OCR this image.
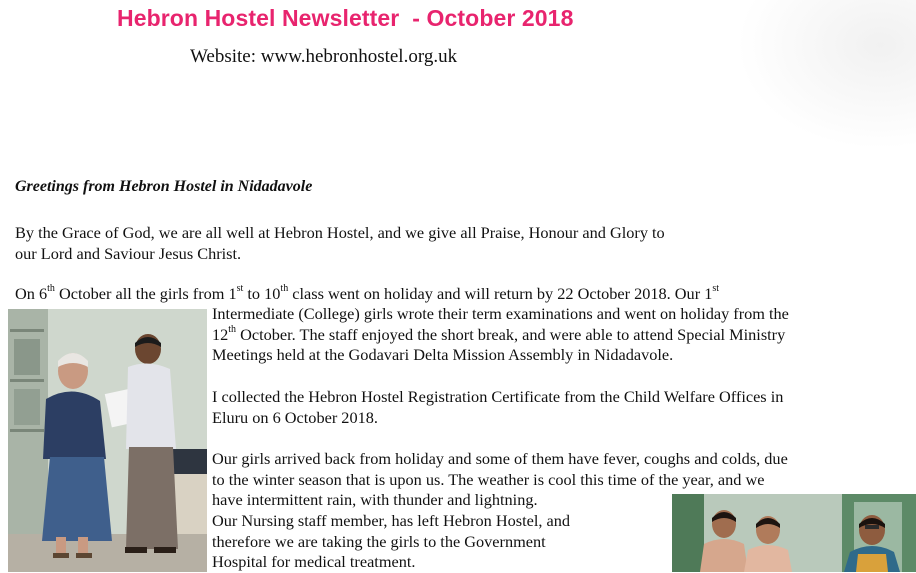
Hebron Hostel Newsletter  - October 2018
Website: www.hebronhostel.org.uk
Greetings from Hebron Hostel in Nidadavole
By the Grace of God, we are all well at Hebron Hostel, and we give all Praise, Honour and Glory to
our Lord and Saviour Jesus Christ.
On 6th October all the girls from 1st to 10th class went on holiday and will return by 22 October 2018. Our 1st
Intermediate (College) girls wrote their term examinations and went on holiday from the
12th October. The staff enjoyed the short break, and were able to attend Special Ministry
Meetings held at the Godavari Delta Mission Assembly in Nidadavole.
I collected the Hebron Hostel Registration Certificate from the Child Welfare Offices in
Eluru on 6 October 2018.
Our girls arrived back from holiday and some of them have fever, coughs and colds, due
to the winter season that is upon us. The weather is cool this time of the year, and we
have intermittent rain, with thunder and lightning.
Our Nursing staff member, has left Hebron Hostel, and
therefore we are taking the girls to the Government
Hospital for medical treatment.
